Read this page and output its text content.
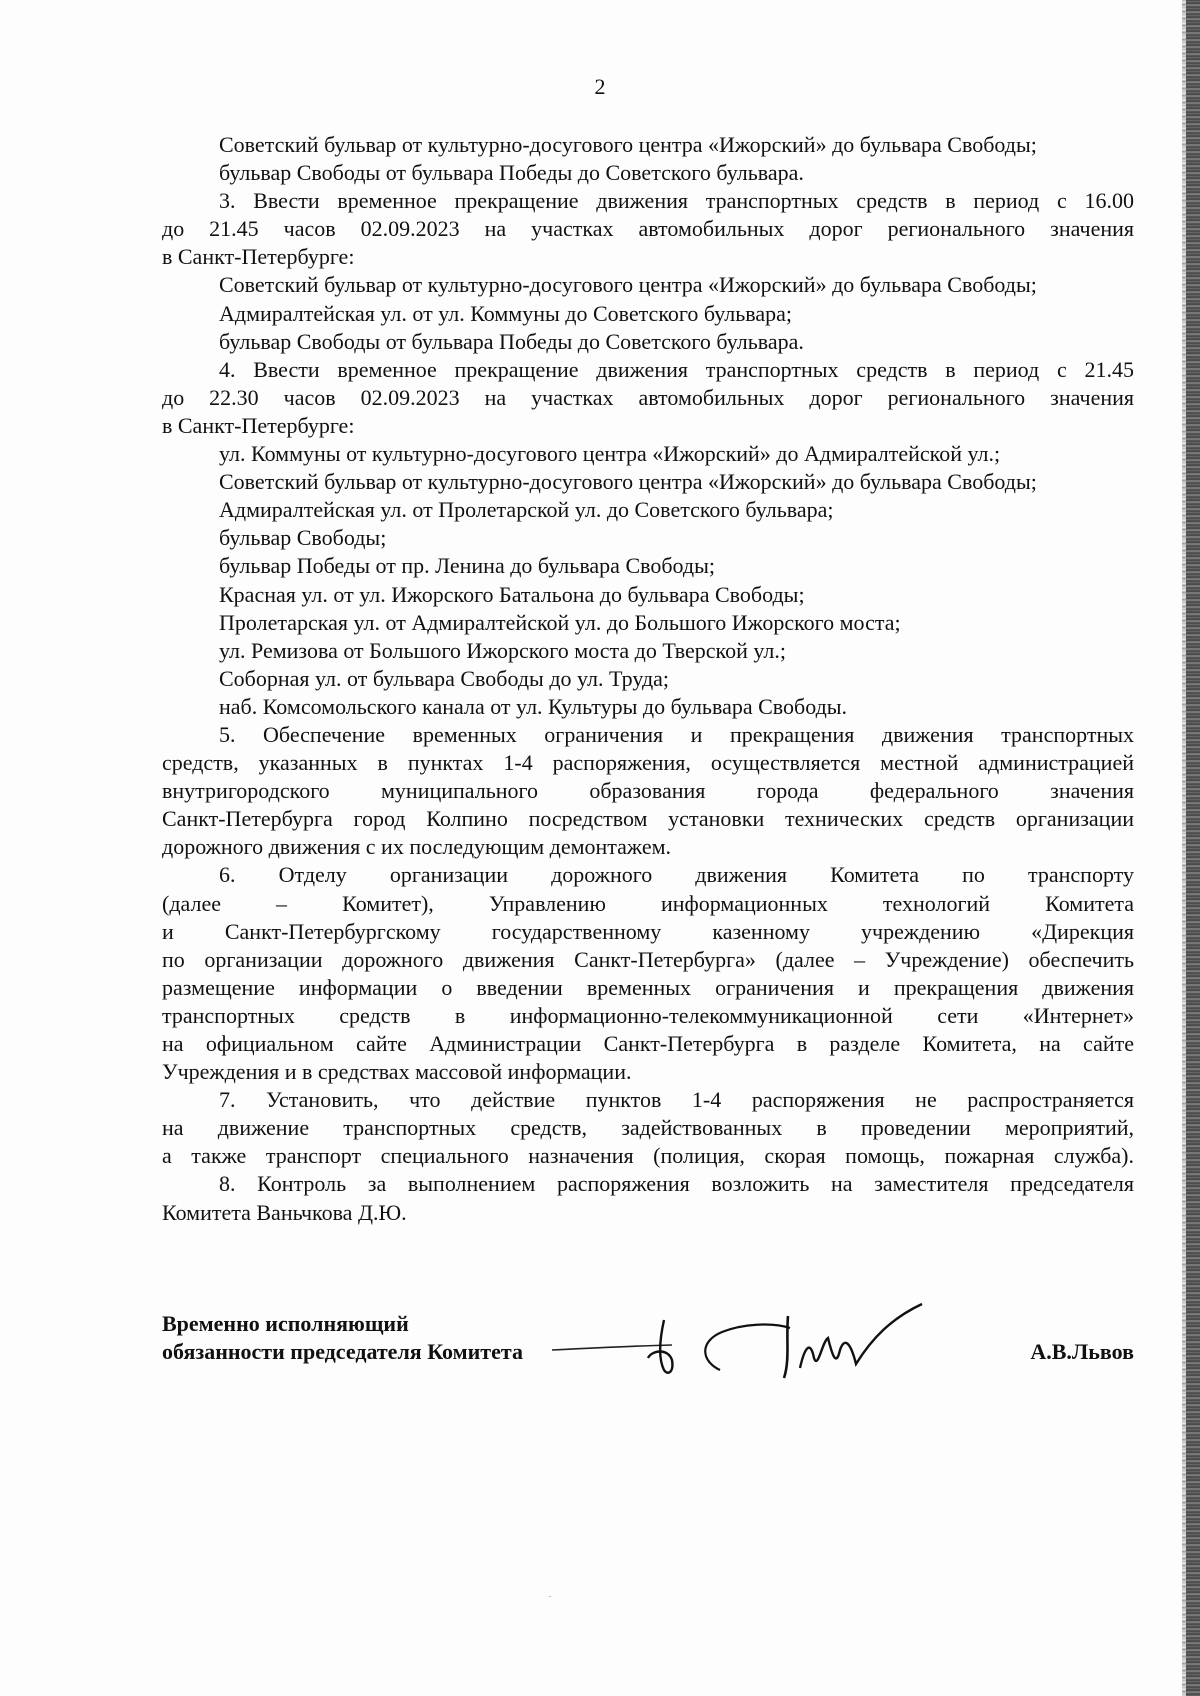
2
Советский бульвар от культурно-досугового центра «Ижорский» до бульвара Свободы;
бульвар Свободы от бульвара Победы до Советского бульвара.
3. Ввести временное прекращение движения транспортных средств в период с 16.00
до 21.45 часов 02.09.2023 на участках автомобильных дорог регионального значения
в Санкт-Петербурге:
Советский бульвар от культурно-досугового центра «Ижорский» до бульвара Свободы;
Адмиралтейская ул. от ул. Коммуны до Советского бульвара;
бульвар Свободы от бульвара Победы до Советского бульвара.
4. Ввести временное прекращение движения транспортных средств в период с 21.45
до 22.30 часов 02.09.2023 на участках автомобильных дорог регионального значения
в Санкт-Петербурге:
ул. Коммуны от культурно-досугового центра «Ижорский» до Адмиралтейской ул.;
Советский бульвар от культурно-досугового центра «Ижорский» до бульвара Свободы;
Адмиралтейская ул. от Пролетарской ул. до Советского бульвара;
бульвар Свободы;
бульвар Победы от пр. Ленина до бульвара Свободы;
Красная ул. от ул. Ижорского Батальона до бульвара Свободы;
Пролетарская ул. от Адмиралтейской ул. до Большого Ижорского моста;
ул. Ремизова от Большого Ижорского моста до Тверской ул.;
Соборная ул. от бульвара Свободы до ул. Труда;
наб. Комсомольского канала от ул. Культуры до бульвара Свободы.
5. Обеспечение временных ограничения и прекращения движения транспортных
средств, указанных в пунктах 1-4 распоряжения, осуществляется местной администрацией
внутригородского муниципального образования города федерального значения
Санкт-Петербурга город Колпино посредством установки технических средств организации
дорожного движения с их последующим демонтажем.
6. Отделу организации дорожного движения Комитета по транспорту
(далее – Комитет), Управлению информационных технологий Комитета
и Санкт-Петербургскому государственному казенному учреждению «Дирекция
по организации дорожного движения Санкт-Петербурга» (далее – Учреждение) обеспечить
размещение информации о введении временных ограничения и прекращения движения
транспортных средств в информационно-телекоммуникационной сети «Интернет»
на официальном сайте Администрации Санкт-Петербурга в разделе Комитета, на сайте
Учреждения и в средствах массовой информации.
7. Установить, что действие пунктов 1-4 распоряжения не распространяется
на движение транспортных средств, задействованных в проведении мероприятий,
а также транспорт специального назначения (полиция, скорая помощь, пожарная служба).
8. Контроль за выполнением распоряжения возложить на заместителя председателя
Комитета Ваньчкова Д.Ю.
Временно исполняющий
обязанности председателя Комитета	А.В.Львов
